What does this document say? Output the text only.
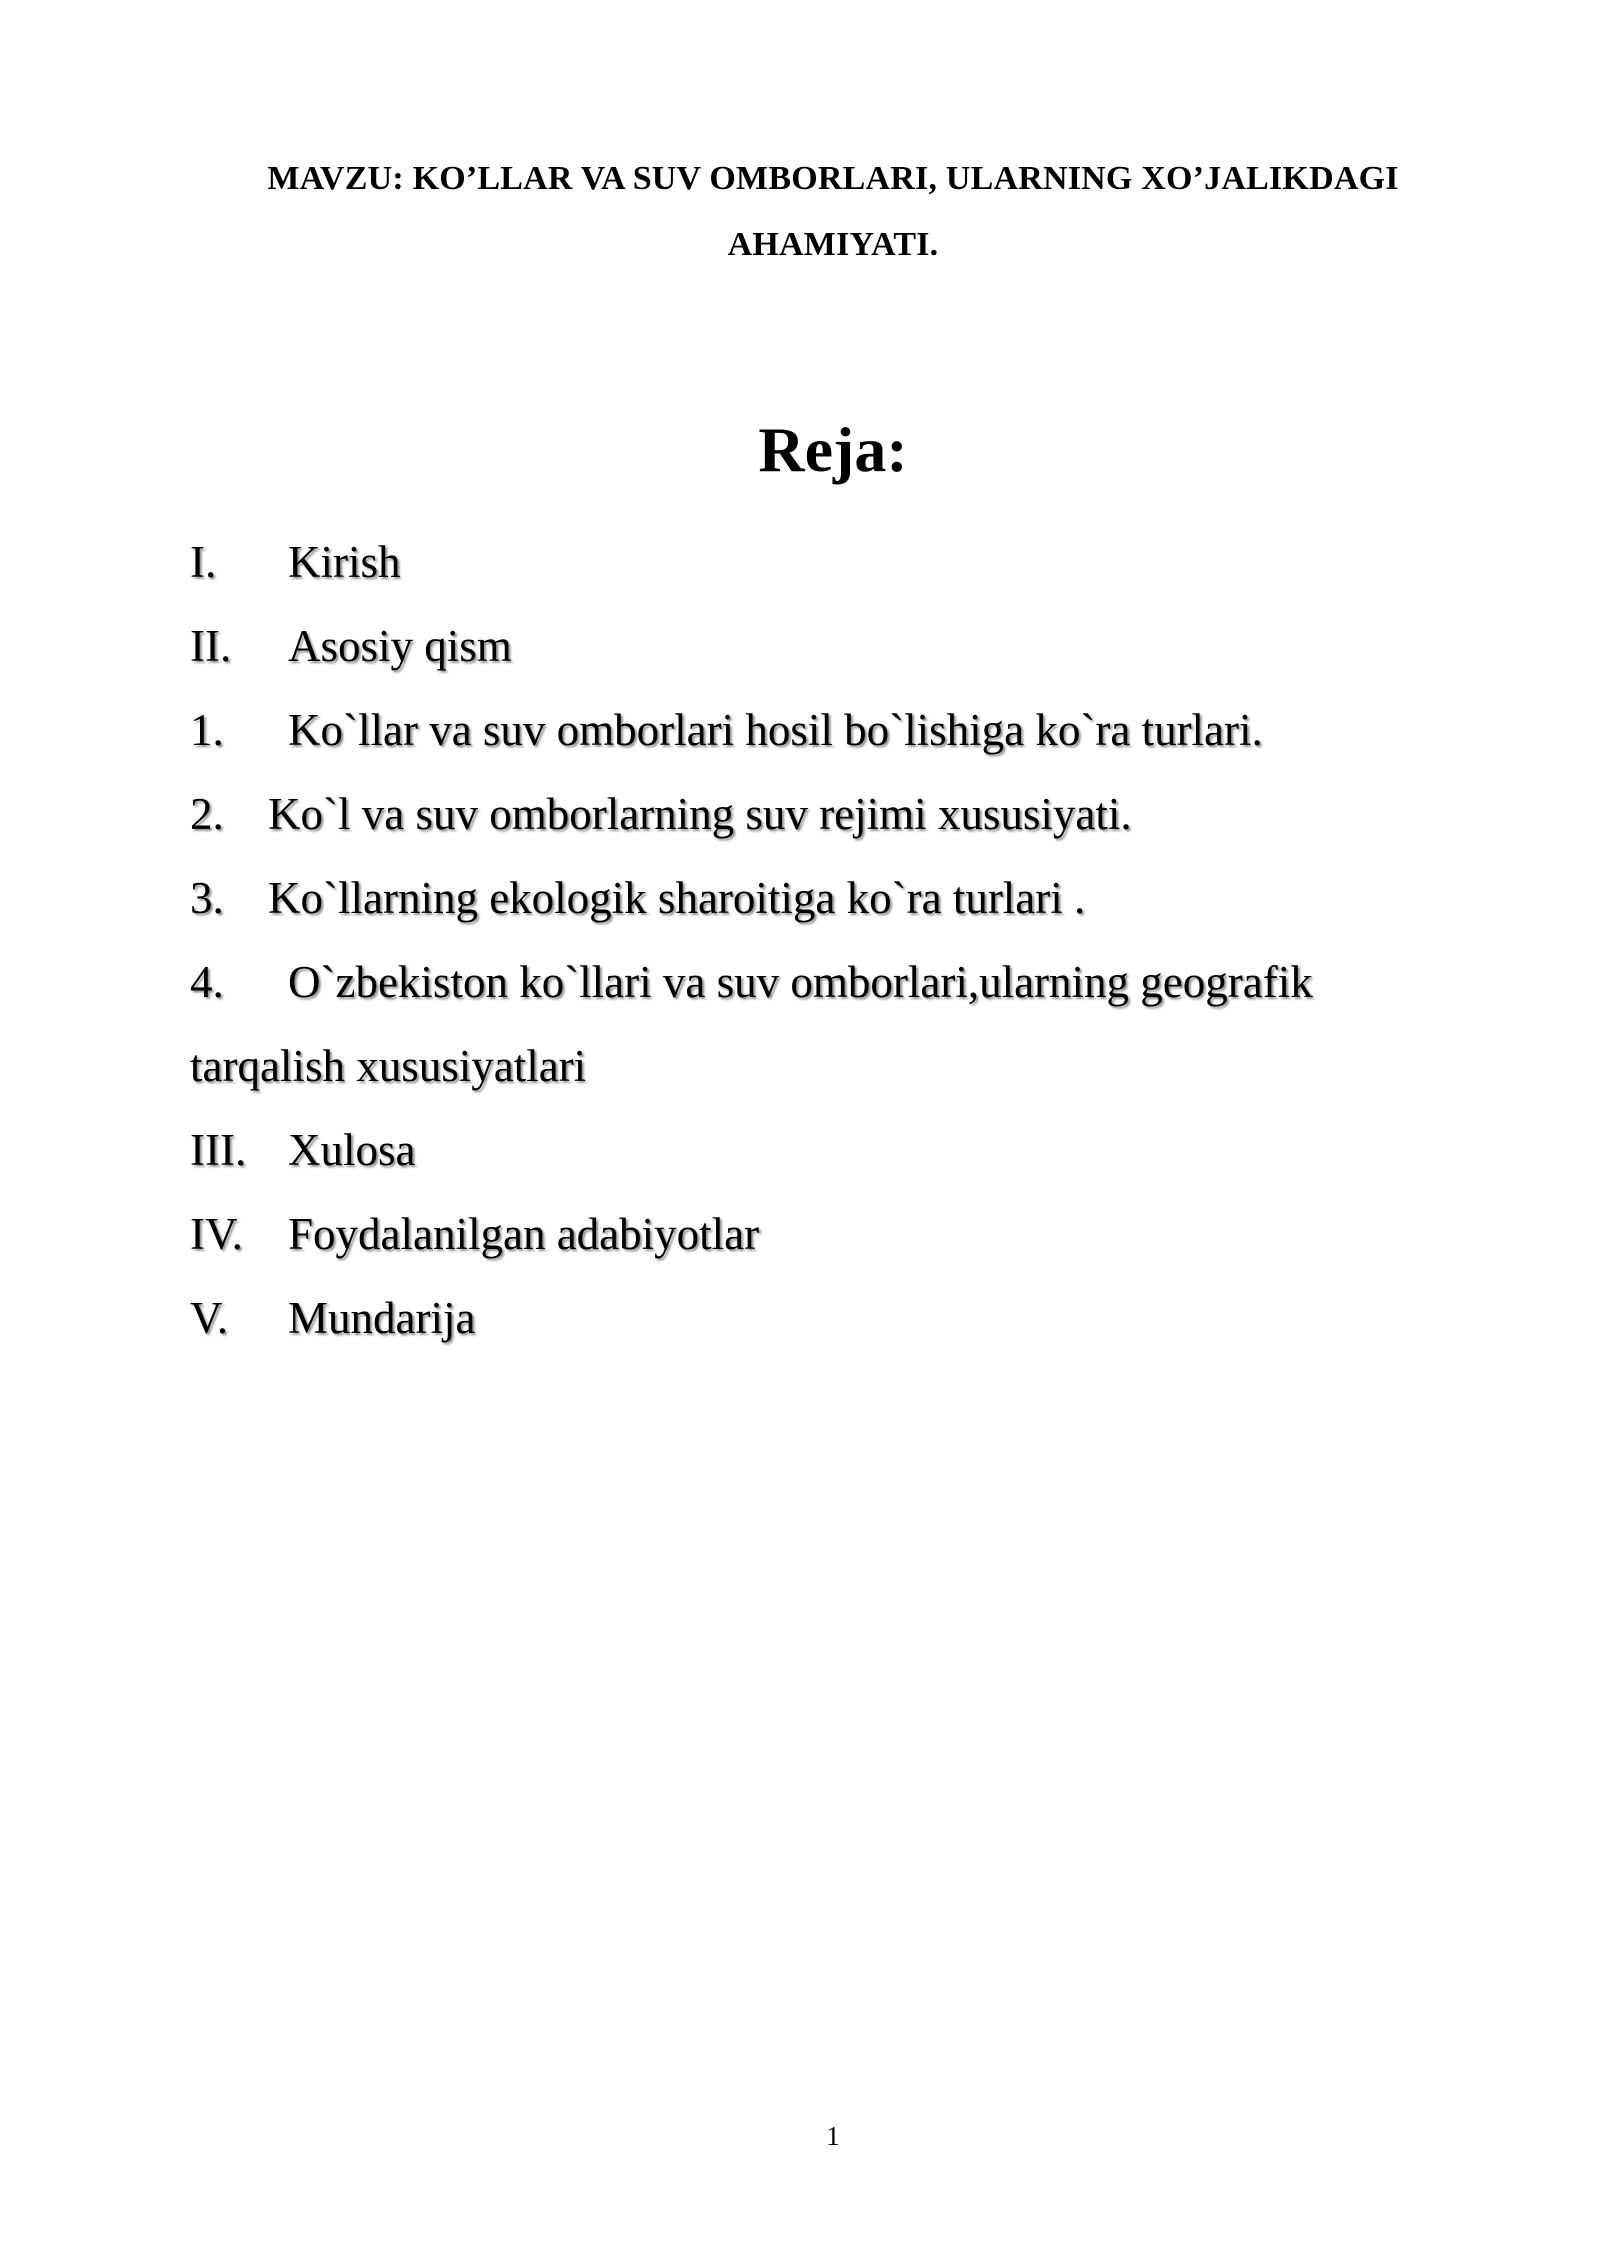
MAVZU: KO’LLAR VA SUV OMBORLARI, ULARNING XO’JALIKDAGI AHAMIYATI.
Reja:
I. Kirish
II. Asosiy qism
1. Ko`llar va suv omborlari hosil bo`lishiga ko`ra turlari.
2. Ko`l va suv omborlarning suv rejimi xususiyati.
3. Ko`llarning ekologik sharoitiga ko`ra turlari .
4. O`zbekiston ko`llari va suv omborlari,ularning geografik
tarqalish xususiyatlari
III. Xulosa
IV. Foydalanilgan adabiyotlar
V. Mundarija
1
